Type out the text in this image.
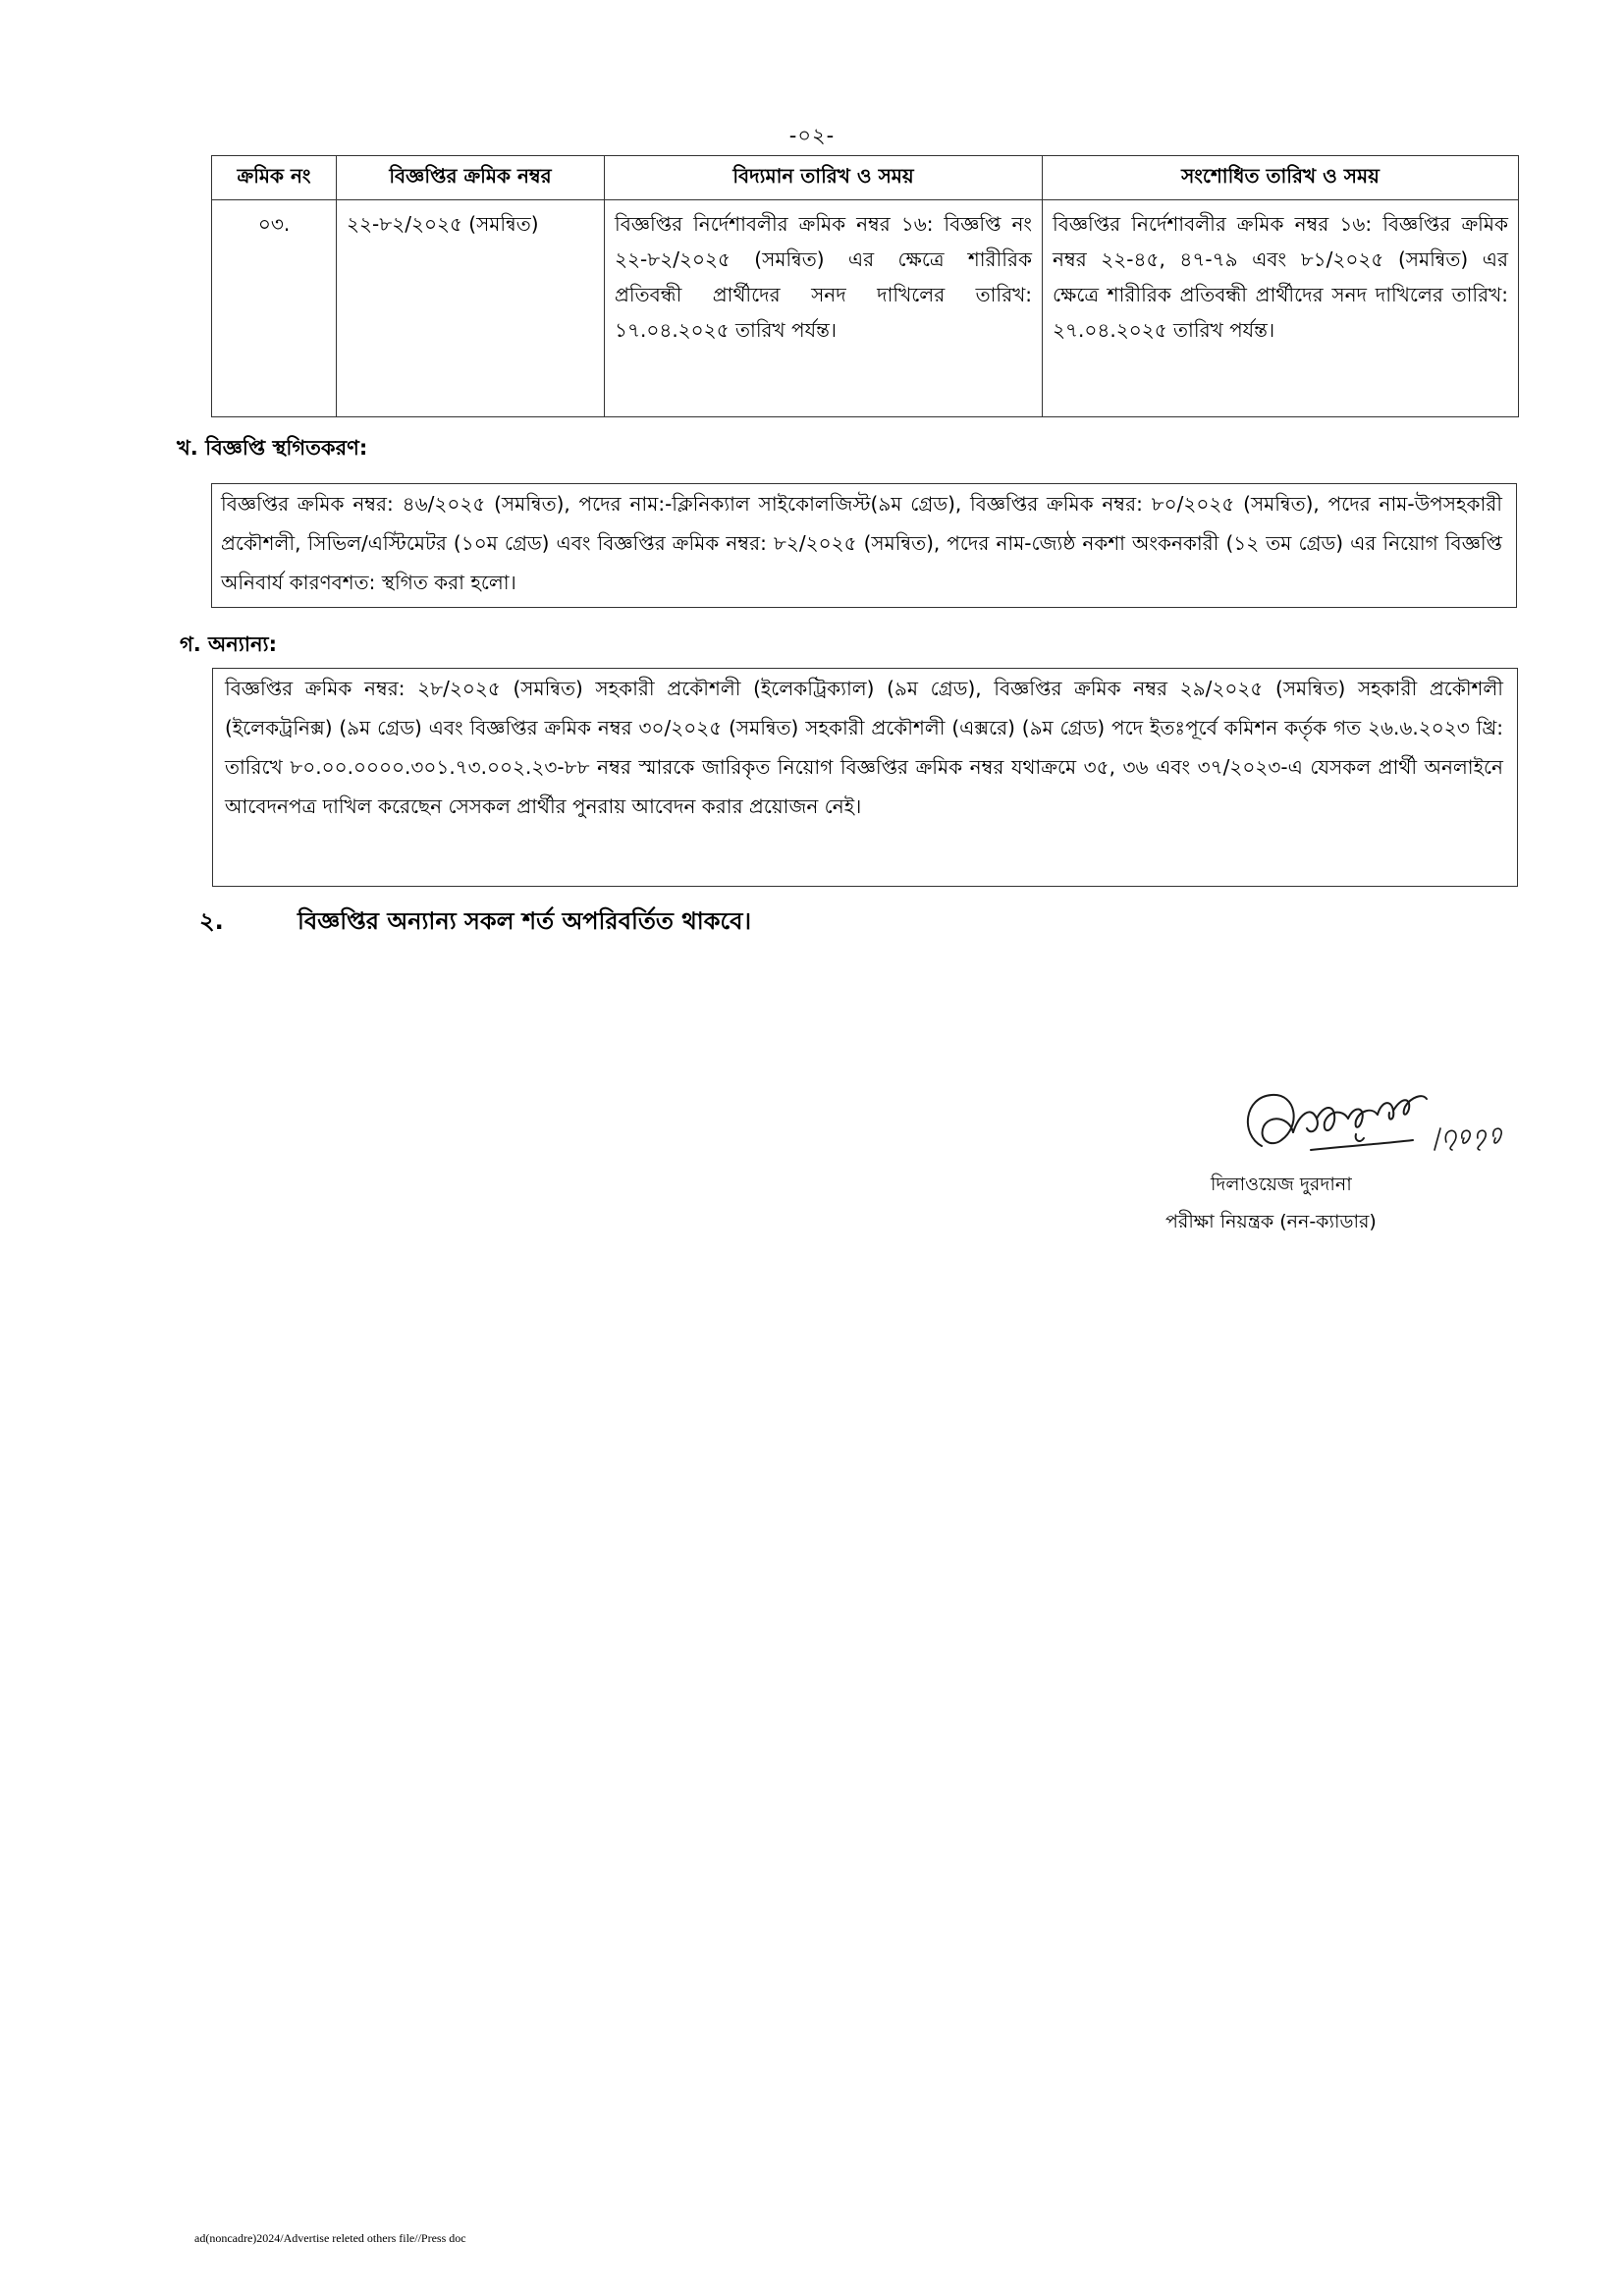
-০২-
ক্রমিক নং	বিজ্ঞপ্তির ক্রমিক নম্বর	বিদ্যমান তারিখ ও সময়	সংশোধিত তারিখ ও সময়
০৩.	২২-৮২/২০২৫ (সমন্বিত)	বিজ্ঞপ্তির নির্দেশাবলীর ক্রমিক নম্বর ১৬: বিজ্ঞপ্তি নং ২২-৮২/২০২৫ (সমন্বিত) এর ক্ষেত্রে শারীরিক প্রতিবন্ধী প্রার্থীদের সনদ দাখিলের তারিখ: ১৭.০৪.২০২৫ তারিখ পর্যন্ত।	বিজ্ঞপ্তির নির্দেশাবলীর ক্রমিক নম্বর ১৬: বিজ্ঞপ্তির ক্রমিক নম্বর ২২-৪৫, ৪৭-৭৯ এবং ৮১/২০২৫ (সমন্বিত) এর ক্ষেত্রে শারীরিক প্রতিবন্ধী প্রার্থীদের সনদ দাখিলের তারিখ: ২৭.০৪.২০২৫ তারিখ পর্যন্ত।
খ. বিজ্ঞপ্তি স্থগিতকরণ:
বিজ্ঞপ্তির ক্রমিক নম্বর: ৪৬/২০২৫ (সমন্বিত), পদের নাম:-ক্লিনিক্যাল সাইকোলজিস্ট(৯ম গ্রেড), বিজ্ঞপ্তির ক্রমিক নম্বর: ৮০/২০২৫ (সমন্বিত), পদের নাম-উপসহকারী প্রকৌশলী, সিভিল/এস্টিমেটর (১০ম গ্রেড) এবং বিজ্ঞপ্তির ক্রমিক নম্বর: ৮২/২০২৫ (সমন্বিত), পদের নাম-জ্যেষ্ঠ নকশা অংকনকারী (১২ তম গ্রেড) এর নিয়োগ বিজ্ঞপ্তি অনিবার্য কারণবশত: স্থগিত করা হলো।
গ. অন্যান্য:
বিজ্ঞপ্তির ক্রমিক নম্বর: ২৮/২০২৫ (সমন্বিত) সহকারী প্রকৌশলী (ইলেকট্রিক্যাল) (৯ম গ্রেড), বিজ্ঞপ্তির ক্রমিক নম্বর ২৯/২০২৫ (সমন্বিত) সহকারী প্রকৌশলী (ইলেকট্রনিক্স) (৯ম গ্রেড) এবং বিজ্ঞপ্তির ক্রমিক নম্বর ৩০/২০২৫ (সমন্বিত) সহকারী প্রকৌশলী (এক্সরে) (৯ম গ্রেড) পদে ইতঃপূর্বে কমিশন কর্তৃক গত ২৬.৬.২০২৩ খ্রি: তারিখে ৮০.০০.০০০০.৩০১.৭৩.০০২.২৩-৮৮ নম্বর স্মারকে জারিকৃত নিয়োগ বিজ্ঞপ্তির ক্রমিক নম্বর যথাক্রমে ৩৫, ৩৬ এবং ৩৭/২০২৩-এ যেসকল প্রার্থী অনলাইনে আবেদনপত্র দাখিল করেছেন সেসকল প্রার্থীর পুনরায় আবেদন করার প্রয়োজন নেই।
২.	বিজ্ঞপ্তির অন্যান্য সকল শর্ত অপরিবর্তিত থাকবে।
দিলাওয়েজ দুরদানা
পরীক্ষা নিয়ন্ত্রক (নন-ক্যাডার)
ad(noncadre)2024/Advertise releted others file//Press doc
